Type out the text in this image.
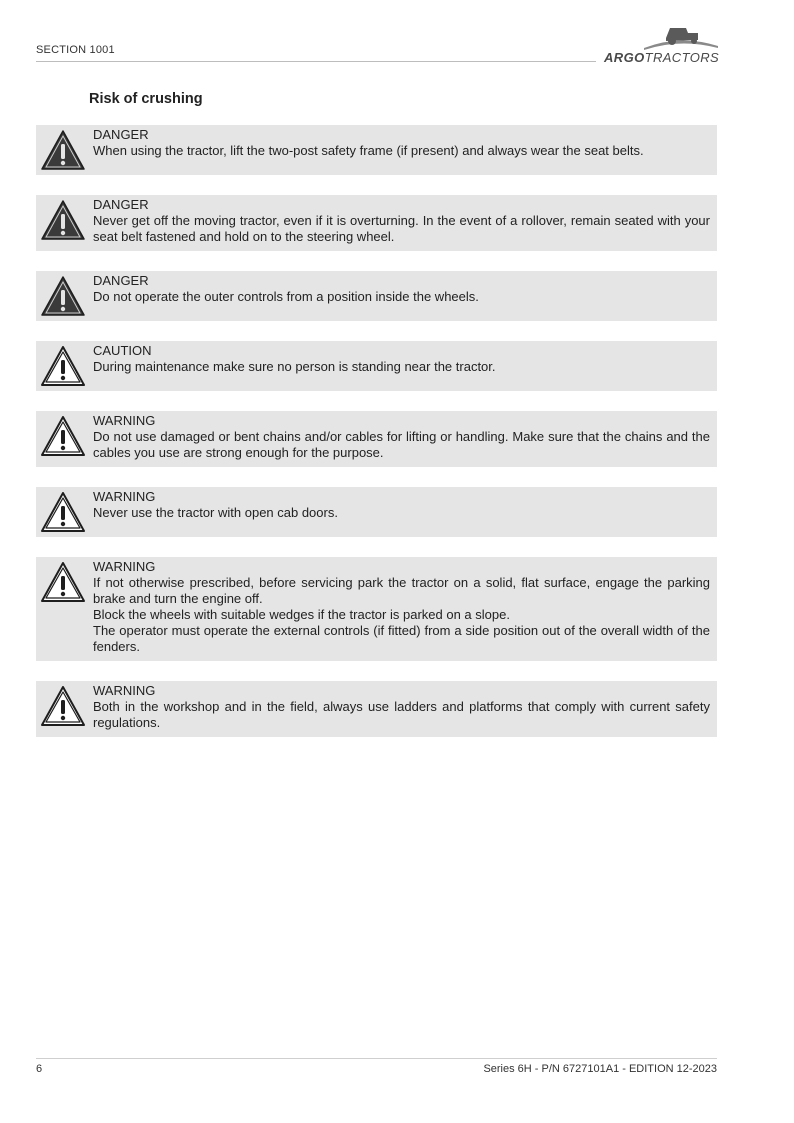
SECTION 1001	ARGOTRACTORS
Risk of crushing
DANGER
When using the tractor, lift the two-post safety frame (if present) and always wear the seat belts.
DANGER
Never get off the moving tractor, even if it is overturning. In the event of a rollover, remain seated with your seat belt fastened and hold on to the steering wheel.
DANGER
Do not operate the outer controls from a position inside the wheels.
CAUTION
During maintenance make sure no person is standing near the tractor.
WARNING
Do not use damaged or bent chains and/or cables for lifting or handling. Make sure that the chains and the cables you use are strong enough for the purpose.
WARNING
Never use the tractor with open cab doors.
WARNING
If not otherwise prescribed, before servicing park the tractor on a solid, flat surface, engage the parking brake and turn the engine off.
Block the wheels with suitable wedges if the tractor is parked on a slope.
The operator must operate the external controls (if fitted) from a side position out of the overall width of the fenders.
WARNING
Both in the workshop and in the field, always use ladders and platforms that comply with current safety regulations.
6	Series 6H - P/N 6727101A1 - EDITION 12-2023
